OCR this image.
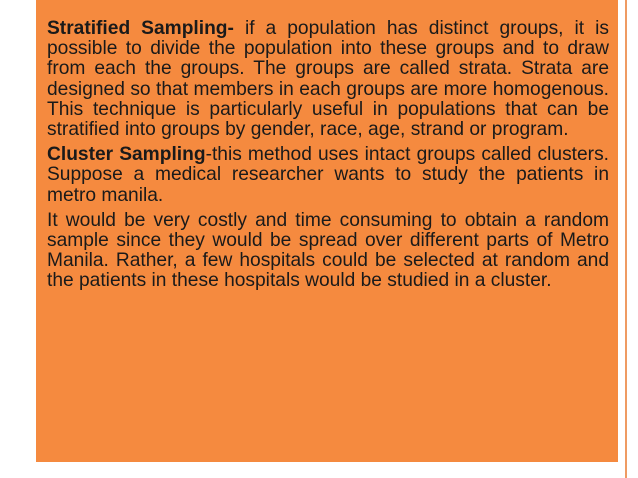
Stratified Sampling- if a population has distinct groups, it is possible to divide the population into these groups and to draw from each the groups. The groups are called strata. Strata are designed so that members in each groups are more homogenous. This technique is particularly useful in populations that can be stratified into groups by gender, race, age, strand or program.

Cluster Sampling-this method uses intact groups called clusters. Suppose a medical researcher wants to study the patients in metro manila.

It would be very costly and time consuming to obtain a random sample since they would be spread over different parts of Metro Manila. Rather, a few hospitals could be selected at random and the patients in these hospitals would be studied in a cluster.
